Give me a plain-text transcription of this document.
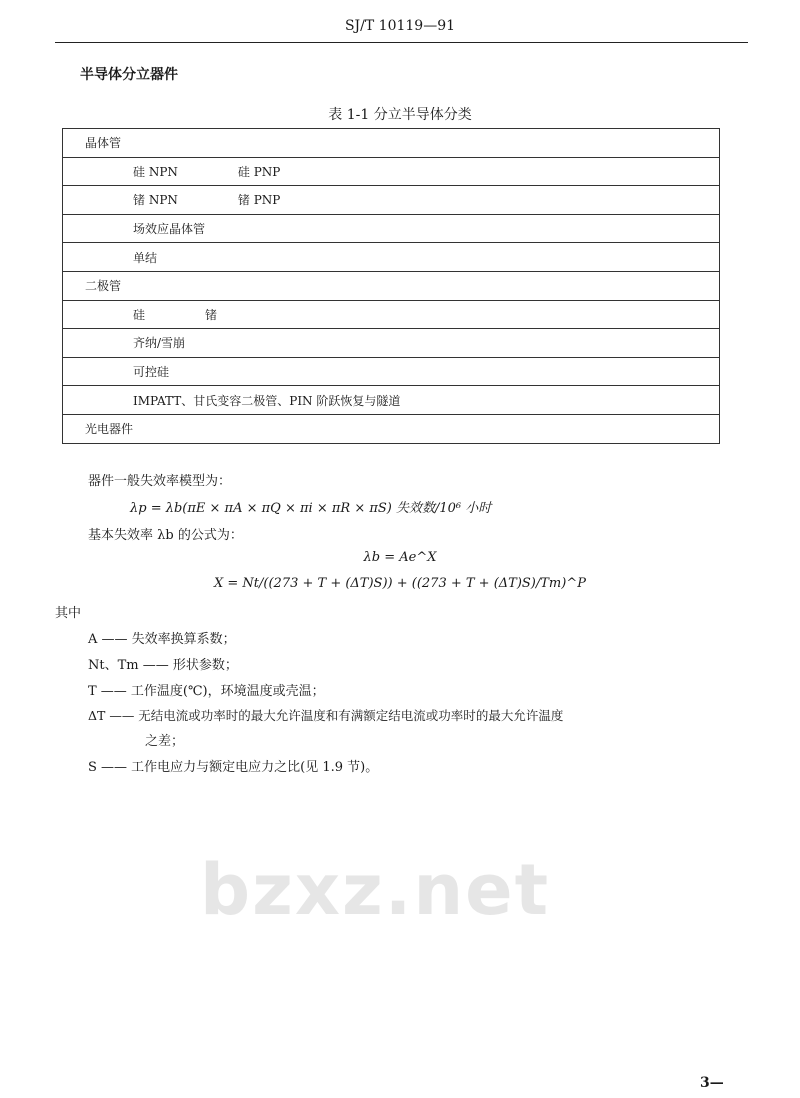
SJ/T 10119—91
半导体分立器件
表 1-1 分立半导体分类
晶体管
硅 NPN	硅 PNP
锗 NPN	锗 PNP
场效应晶体管
单结
二极管
硅	锗
齐纳/雪崩
可控硅
IMPATT、甘氏变容二极管、PIN 阶跃恢复与隧道
光电器件
器件一般失效率模型为：
λp = λb(πE × πA × πQ × πi × πR × πS) 失效数/10⁶ 小时
基本失效率 λb 的公式为：
λb = Ae^X
X = Nt/((273 + T + (ΔT)S)) + ((273 + T + (ΔT)S)/Tm)^P
其中
A —— 失效率换算系数；
Nt、Tm —— 形状参数；
T —— 工作温度(℃)，环境温度或壳温；
ΔT —— 无结电流或功率时的最大允许温度和有满额定结电流或功率时的最大允许温度
之差；
S —— 工作电应力与额定电应力之比(见 1.9 节)。
bzxz.net
3—
